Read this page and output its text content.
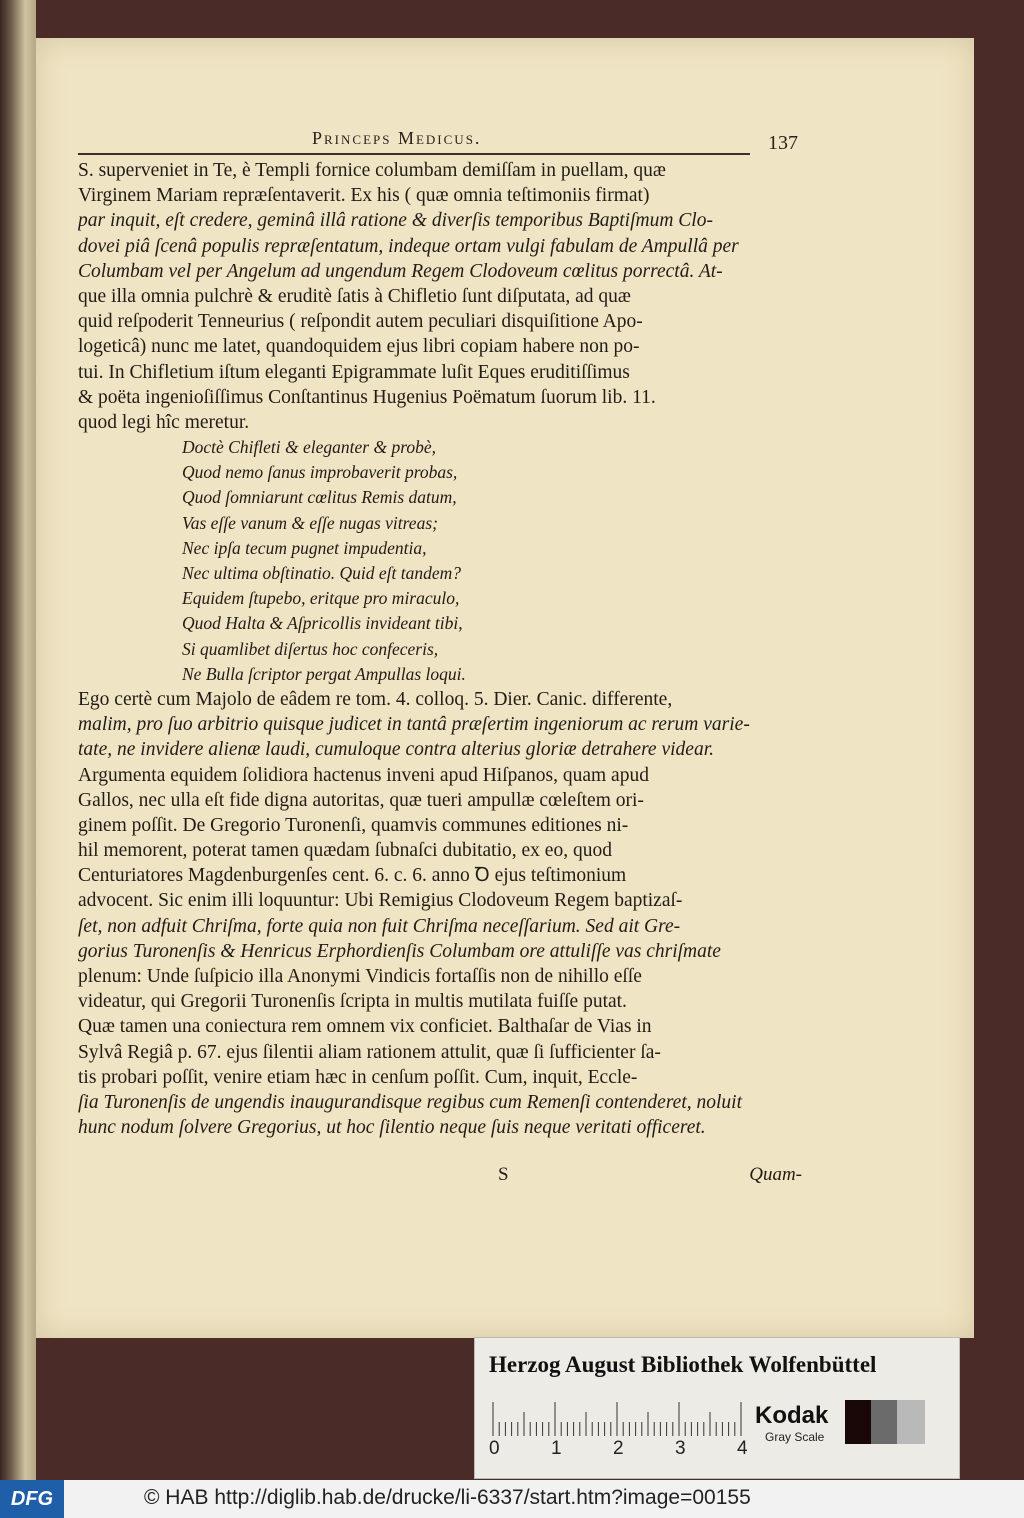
Princeps Medicus.	137
S. superveniet in Te, è Templi fornice columbam demiſſam in puellam, quæ
Virginem Mariam repræſentaverit. Ex his ( quæ omnia teſtimoniis firmat)
par inquit, eſt credere, geminâ illâ ratione & diverſis temporibus Baptiſmum Clo-
dovei piâ ſcenâ populis repræſentatum, indeque ortam vulgi fabulam de Ampullâ per
Columbam vel per Angelum ad ungendum Regem Clodoveum cœlitus porrectâ. At-
que illa omnia pulchrè & eruditè ſatis à Chifletio ſunt diſputata, ad quæ
quid reſpoderit Tenneurius ( reſpondit autem peculiari disquiſitione Apo-
logeticâ) nunc me latet, quandoquidem ejus libri copiam habere non po-
tui. In Chifletium iſtum eleganti Epigrammate luſit Eques eruditiſſimus
& poëta ingenioſiſſimus Conſtantinus Hugenius Poëmatum ſuorum lib. 11.
quod legi hîc meretur.
Doctè Chifleti & eleganter & probè,
Quod nemo ſanus improbaverit probas,
Quod ſomniarunt cœlitus Remis datum,
Vas eſſe vanum & eſſe nugas vitreas;
Nec ipſa tecum pugnet impudentia,
Nec ultima obſtinatio. Quid eſt tandem?
Equidem ſtupebo, eritque pro miraculo,
Quod Halta & Aſpricollis invideant tibi,
Si quamlibet diſertus hoc confeceris,
Ne Bulla ſcriptor pergat Ampullas loqui.
Ego certè cum Majolo de eâdem re tom. 4. colloq. 5. Dier. Canic. differente,
malim, pro ſuo arbitrio quisque judicet in tantâ præſertim ingeniorum ac rerum varie-
tate, ne invidere alienæ laudi, cumuloque contra alterius gloriæ detrahere videar.
Argumenta equidem ſolidiora hactenus inveni apud Hiſpanos, quam apud
Gallos, nec ulla eſt fide digna autoritas, quæ tueri ampullæ cœleſtem ori-
ginem poſſit. De Gregorio Turonenſi, quamvis communes editiones ni-
hil memorent, poterat tamen quædam ſubnaſci dubitatio, ex eo, quod
Centuriatores Magdenburgenſes cent. 6. c. 6. anno Ꝺ ejus teſtimonium
advocent. Sic enim illi loquuntur: Ubi Remigius Clodoveum Regem baptizaſ-
ſet, non adfuit Chriſma, forte quia non fuit Chriſma neceſſarium. Sed ait Gre-
gorius Turonenſis & Henricus Erphordienſis Columbam ore attuliſſe vas chriſmate
plenum: Unde ſuſpicio illa Anonymi Vindicis fortaſſis non de nihillo eſſe
videatur, qui Gregorii Turonenſis ſcripta in multis mutilata fuiſſe putat.
Quæ tamen una coniectura rem omnem vix conficiet. Balthaſar de Vias in
Sylvâ Regiâ p. 67. ejus ſilentii aliam rationem attulit, quæ ſi ſufficienter ſa-
tis probari poſſit, venire etiam hæc in cenſum poſſit. Cum, inquit, Eccle-
ſia Turonenſis de ungendis inaugurandisque regibus cum Remenſi contenderet, noluit
hunc nodum ſolvere Gregorius, ut hoc ſilentio neque ſuis neque veritati officeret.
S	Quam-
Herzog August Bibliothek Wolfenbüttel
0	1	2	3	4
Kodak
Gray Scale
DFG	© HAB http://diglib.hab.de/drucke/li-6337/start.htm?image=00155
